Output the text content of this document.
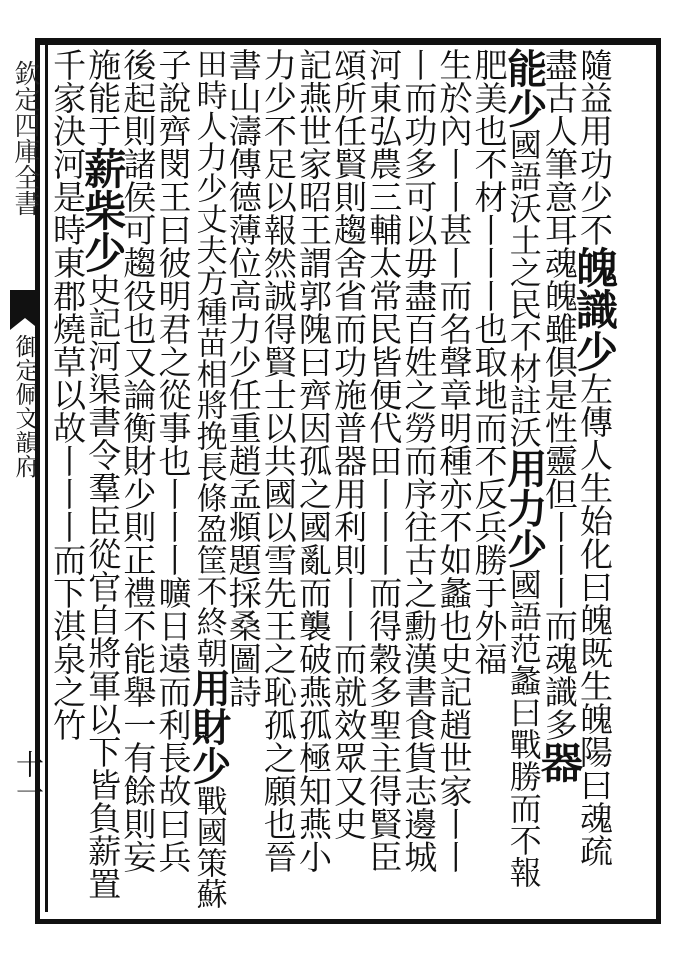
欽定四庫全書
御定佩文韻府
十一
隨益用功少不魄識少左傳人生始化曰魄既生魄陽曰魂疏
盡古人筆意耳魂魄雖俱是性靈但丨丨丨而魂識多器
能少國語沃土之民不材註沃用力少國語范蠡曰戰勝而不報
肥美也不材丨丨丨也取地而不反兵勝于外福
生於內丨丨甚丨而名聲章明種亦不如蠡也史記趙世家丨丨
丨而功多可以毋盡百姓之勞而序往古之勳漢書食貨志邊城
河東弘農三輔太常民皆便代田丨丨丨而得穀多聖主得賢臣
頌所任賢則趨舍省而功施普器用利則丨丨而就效眾又史
記燕世家昭王謂郭隗曰齊因孤之國亂而襲破燕孤極知燕小
力少不足以報然誠得賢士以共國以雪先王之恥孤之願也晉
書山濤傳德薄位高力少任重趙孟頫題採桑圖詩
田時人力少丈夫方種苗相將挽長條盈筐不終朝用財少戰國策蘇
子說齊閔王曰彼明君之從事也丨丨丨曠日遠而利長故曰兵
後起則諸侯可趨役也又論衡財少則正禮不能舉一有餘則妄
施能于薪柴少史記河渠書令羣臣從官自將軍以下皆負薪置
千家決河是時東郡燒草以故丨丨丨而下淇泉之竹
